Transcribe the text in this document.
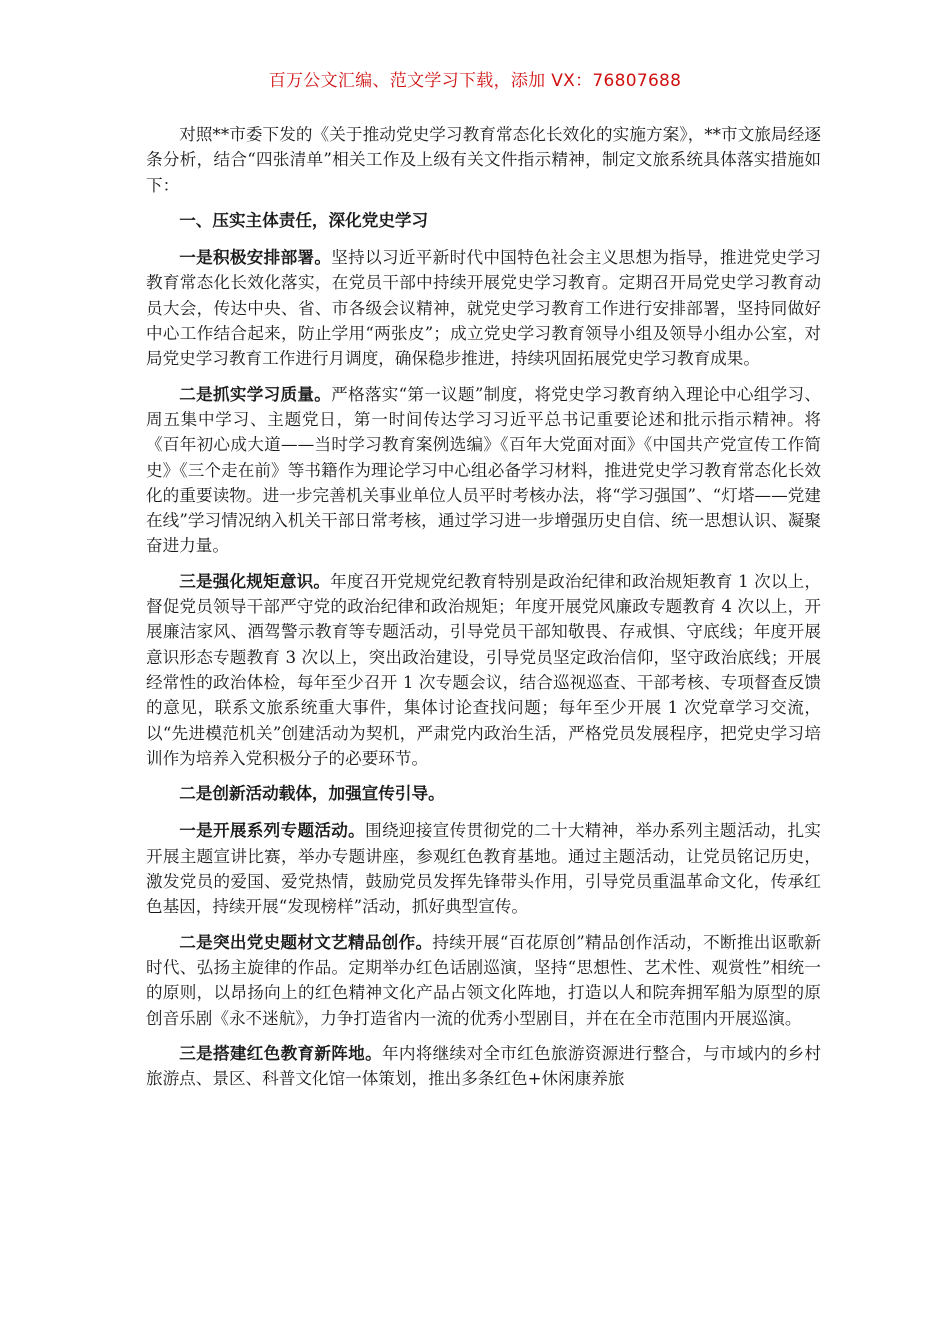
百万公文汇编、范文学习下载，添加 VX：76807688

对照**市委下发的《关于推动党史学习教育常态化长效化的实施方案》，**市文旅局经逐条分析，结合“四张清单”相关工作及上级有关文件指示精神，制定文旅系统具体落实措施如下：

一、压实主体责任，深化党史学习

一是积极安排部署。坚持以习近平新时代中国特色社会主义思想为指导，推进党史学习教育常态化长效化落实，在党员干部中持续开展党史学习教育。定期召开局党史学习教育动员大会，传达中央、省、市各级会议精神，就党史学习教育工作进行安排部署，坚持同做好中心工作结合起来，防止学用“两张皮”；成立党史学习教育领导小组及领导小组办公室，对局党史学习教育工作进行月调度，确保稳步推进，持续巩固拓展党史学习教育成果。

二是抓实学习质量。严格落实“第一议题”制度，将党史学习教育纳入理论中心组学习、周五集中学习、主题党日，第一时间传达学习习近平总书记重要论述和批示指示精神。将《百年初心成大道——当时学习教育案例选编》《百年大党面对面》《中国共产党宣传工作简史》《三个走在前》等书籍作为理论学习中心组必备学习材料，推进党史学习教育常态化长效化的重要读物。进一步完善机关事业单位人员平时考核办法，将“学习强国”、“灯塔——党建在线”学习情况纳入机关干部日常考核，通过学习进一步增强历史自信、统一思想认识、凝聚奋进力量。

三是强化规矩意识。年度召开党规党纪教育特别是政治纪律和政治规矩教育 1 次以上，督促党员领导干部严守党的政治纪律和政治规矩；年度开展党风廉政专题教育 4 次以上，开展廉洁家风、酒驾警示教育等专题活动，引导党员干部知敬畏、存戒惧、守底线；年度开展意识形态专题教育 3 次以上，突出政治建设，引导党员坚定政治信仰，坚守政治底线；开展经常性的政治体检，每年至少召开 1 次专题会议，结合巡视巡查、干部考核、专项督查反馈的意见，联系文旅系统重大事件，集体讨论查找问题；每年至少开展 1 次党章学习交流，以“先进模范机关”创建活动为契机，严肃党内政治生活，严格党员发展程序，把党史学习培训作为培养入党积极分子的必要环节。

二是创新活动载体，加强宣传引导。

一是开展系列专题活动。围绕迎接宣传贯彻党的二十大精神，举办系列主题活动，扎实开展主题宣讲比赛，举办专题讲座，参观红色教育基地。通过主题活动，让党员铭记历史，激发党员的爱国、爱党热情，鼓励党员发挥先锋带头作用，引导党员重温革命文化，传承红色基因，持续开展“发现榜样”活动，抓好典型宣传。

二是突出党史题材文艺精品创作。持续开展“百花原创”精品创作活动，不断推出讴歌新时代、弘扬主旋律的作品。定期举办红色话剧巡演，坚持“思想性、艺术性、观赏性”相统一的原则，以昂扬向上的红色精神文化产品占领文化阵地，打造以人和院奔拥军船为原型的原创音乐剧《永不迷航》，力争打造省内一流的优秀小型剧目，并在在全市范围内开展巡演。

三是搭建红色教育新阵地。年内将继续对全市红色旅游资源进行整合，与市域内的乡村旅游点、景区、科普文化馆一体策划，推出多条红色+休闲康养旅
